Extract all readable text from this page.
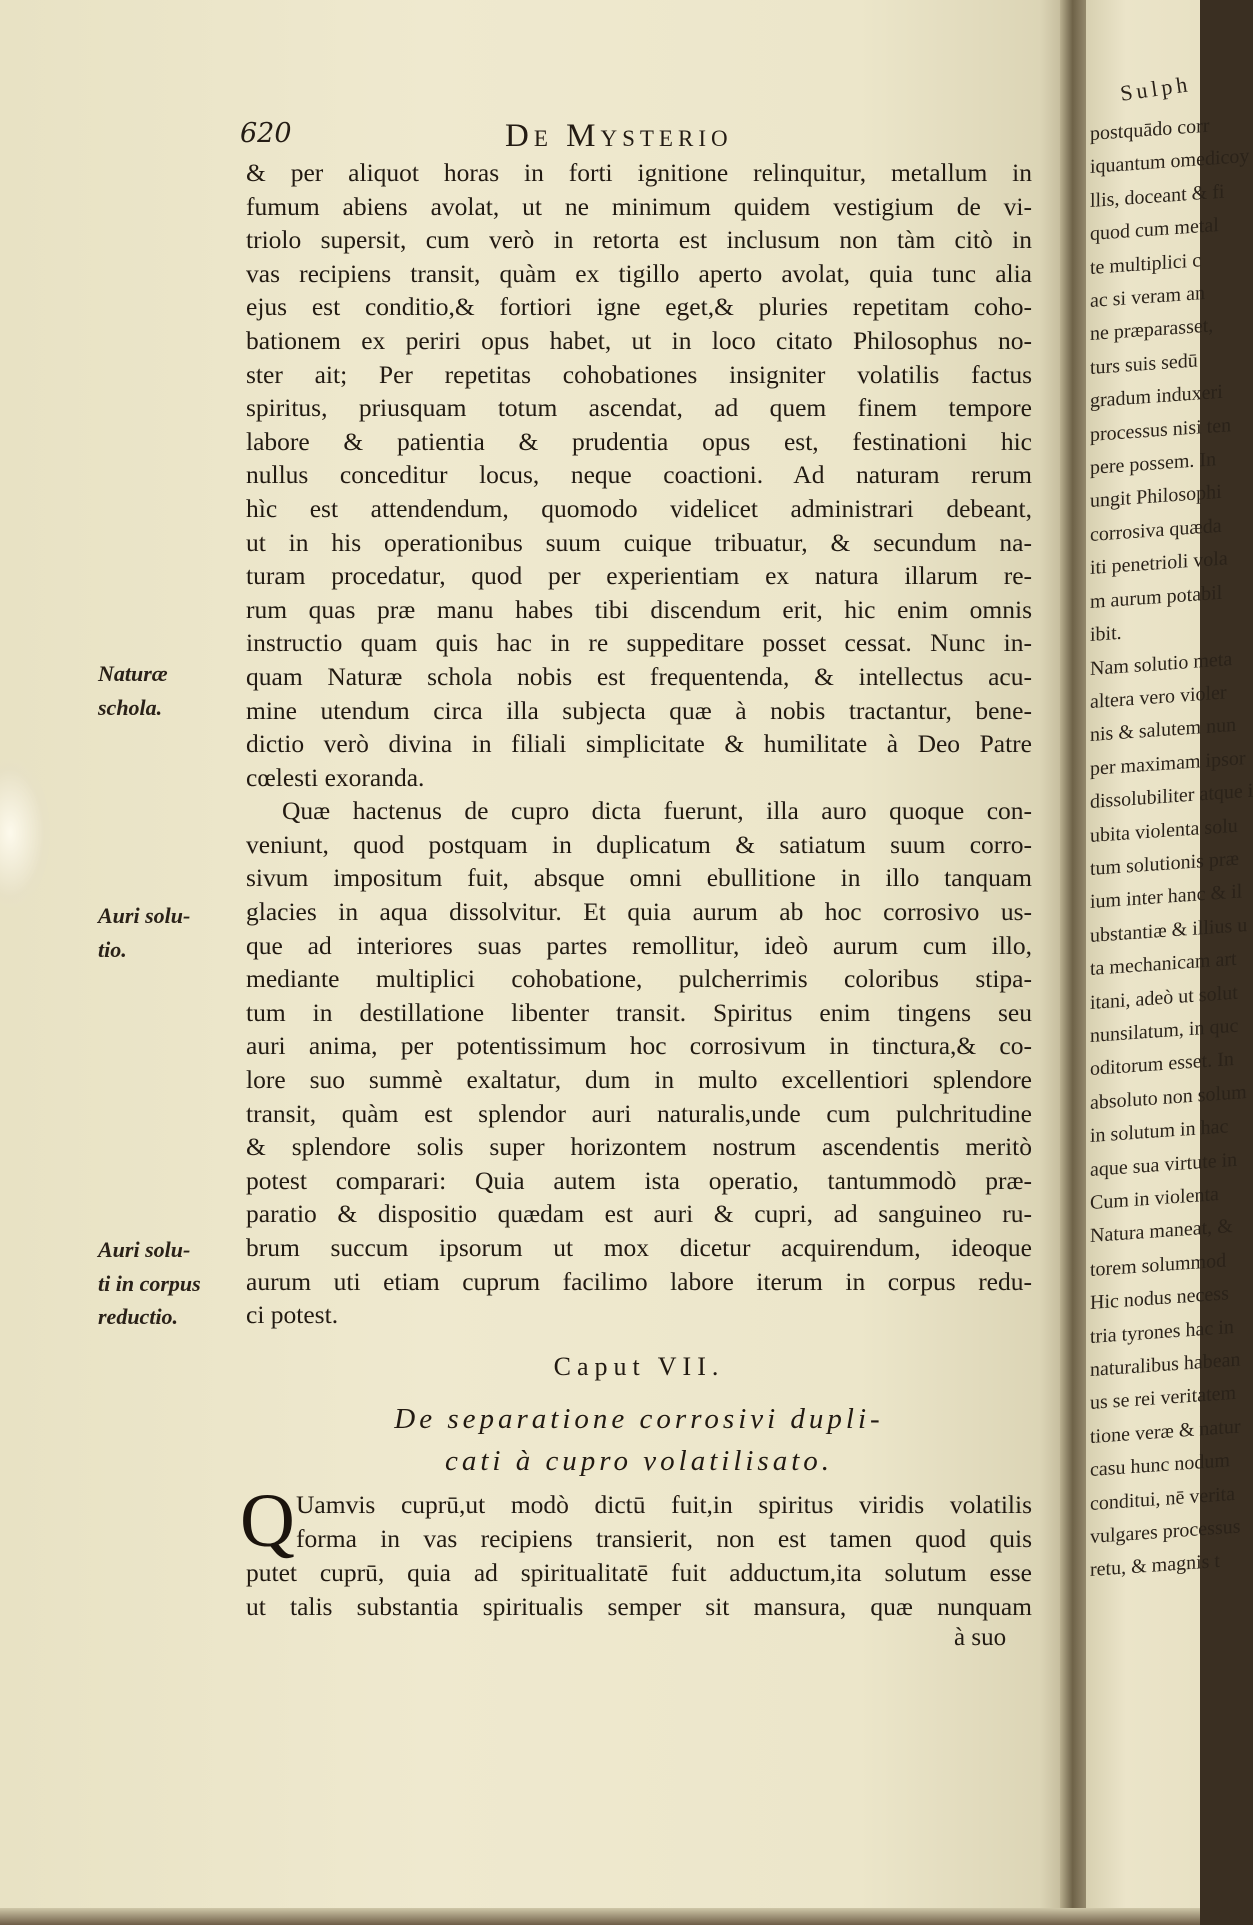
620	De Mysterio
Naturæ
schola.
Auri solu-
tio.
Auri solu-
ti in corpus
reductio.
& per aliquot horas in forti ignitione relinquitur, metallum in
fumum abiens avolat, ut ne minimum quidem vestigium de vi-
triolo supersit, cum verò in retorta est inclusum non tàm citò in
vas recipiens transit, quàm ex tigillo aperto avolat, quia tunc alia
ejus est conditio,& fortiori igne eget,& pluries repetitam coho-
bationem ex periri opus habet, ut in loco citato Philosophus no-
ster ait; Per repetitas cohobationes insigniter volatilis factus
spiritus, priusquam totum ascendat, ad quem finem tempore
labore & patientia & prudentia opus est, festinationi hic
nullus conceditur locus, neque coactioni. Ad naturam rerum
hìc est attendendum, quomodo videlicet administrari debeant,
ut in his operationibus suum cuique tribuatur, & secundum na-
turam procedatur, quod per experientiam ex natura illarum re-
rum quas præ manu habes tibi discendum erit, hic enim omnis
instructio quam quis hac in re suppeditare posset cessat. Nunc in-
quam Naturæ schola nobis est frequentenda, & intellectus acu-
mine utendum circa illa subjecta quæ à nobis tractantur, bene-
dictio verò divina in filiali simplicitate & humilitate à Deo Patre
cœlesti exoranda.
Quæ hactenus de cupro dicta fuerunt, illa auro quoque con-
veniunt, quod postquam in duplicatum & satiatum suum corro-
sivum impositum fuit, absque omni ebullitione in illo tanquam
glacies in aqua dissolvitur. Et quia aurum ab hoc corrosivo us-
que ad interiores suas partes remollitur, ideò aurum cum illo,
mediante multiplici cohobatione, pulcherrimis coloribus stipa-
tum in destillatione libenter transit. Spiritus enim tingens seu
auri anima, per potentissimum hoc corrosivum in tinctura,& co-
lore suo summè exaltatur, dum in multo excellentiori splendore
transit, quàm est splendor auri naturalis,unde cum pulchritudine
& splendore solis super horizontem nostrum ascendentis meritò
potest comparari: Quia autem ista operatio, tantummodò præ-
paratio & dispositio quædam est auri & cupri, ad sanguineo ru-
brum succum ipsorum ut mox dicetur acquirendum, ideoque
aurum uti etiam cuprum facilimo labore iterum in corpus redu-
ci potest.
Caput VII.
De separatione corrosivi dupli-
cati à cupro volatilisato.
Q Uamvis cuprū,ut modò dictū fuit,in spiritus viridis volatilis
forma in vas recipiens transierit, non est tamen quod quis
putet cuprū, quia ad spiritualitatē fuit adductum,ita solutum esse
ut talis substantia spiritualis semper sit mansura, quæ nunquam
à suo
Sulph
postquādo corr
iquantum omedicoy
llis, doceant & fi
quod cum metal
te multiplici c
ac si veram an
ne præparasset,
turs suis sedū
gradum induxeri
processus nisi ten
pere possem. In
ungit Philosophi
corrosiva quæda
iti penetrioli vola
m aurum potabil
ibit.
Nam solutio meta
altera vero violer
nis & salutem nun
per maximam ipsor
dissolubiliter atque i
ubita violenta solu
tum solutionis præ
ium inter hanc & il
ubstantiæ & illius u
ta mechanicam art
itani, adeò ut solut
nunsilatum, in quc
oditorum esset. In
absoluto non solum
in solutum in hac
aque sua virtute in
Cum in violenta
Natura maneat, &
torem solummod
Hic nodus necess
tria tyrones hac in
naturalibus habean
us se rei veritatem
tione veræ & natur
casu hunc nodum
conditui, nē verita
vulgares processus
retu, & magnis t
